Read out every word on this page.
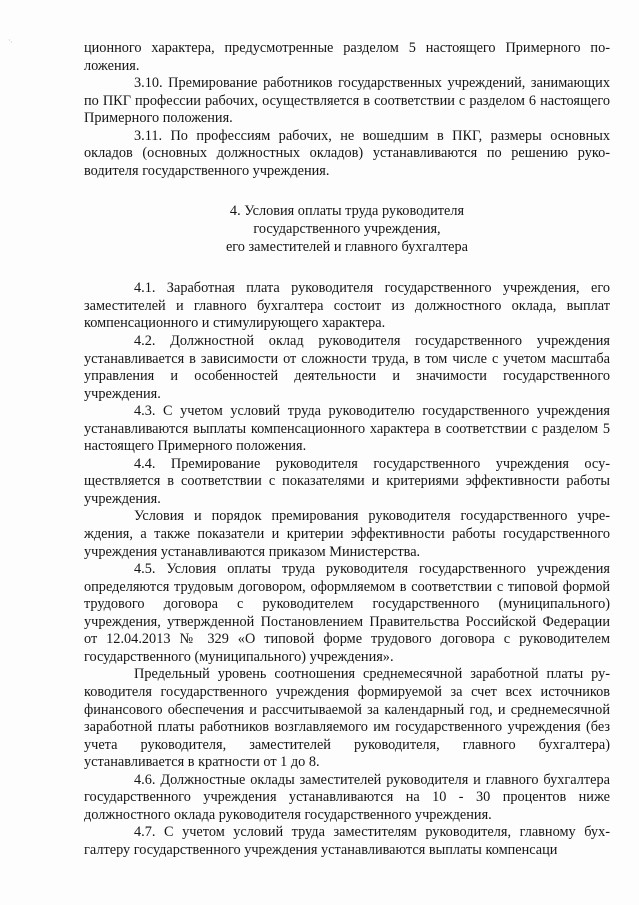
· ·	ционного характера, предусмотренные разделом 5 настоящего Примерного положения.

3.10. Премирование работников государственных учреждений, занимающих по ПКГ профессии рабочих, осуществляется в соответствии с разделом 6 настоящего Примерного положения.

3.11. По профессиям рабочих, не вошедшим в ПКГ, размеры основных окладов (основных должностных окладов) устанавливаются по решению руководителя государственного учреждения.

4. Условия оплаты труда руководителя
государственного учреждения,
его заместителей и главного бухгалтера

4.1. Заработная плата руководителя государственного учреждения, его заместителей и главного бухгалтера состоит из должностного оклада, выплат компенсационного и стимулирующего характера.

4.2. Должностной оклад руководителя государственного учреждения устанавливается в зависимости от сложности труда, в том числе с учетом масштаба управления и особенностей деятельности и значимости государственного учреждения.

4.3. С учетом условий труда руководителю государственного учреждения устанавливаются выплаты компенсационного характера в соответствии с разделом 5 настоящего Примерного положения.

4.4. Премирование руководителя государственного учреждения осуществляется в соответствии с показателями и критериями эффективности работы учреждения.

Условия и порядок премирования руководителя государственного учреждения, а также показатели и критерии эффективности работы государственного учреждения устанавливаются приказом Министерства.

4.5. Условия оплаты труда руководителя государственного учреждения определяются трудовым договором, оформляемом в соответствии с типовой формой трудового договора с руководителем государственного (муниципального) учреждения, утвержденной Постановлением Правительства Российской Федерации от 12.04.2013 № 329 «О типовой форме трудового договора с руководителем государственного (муниципального) учреждения».

Предельный уровень соотношения среднемесячной заработной платы руководителя государственного учреждения формируемой за счет всех источников финансового обеспечения и рассчитываемой за календарный год, и среднемесячной заработной платы работников возглавляемого им государственного учреждения (без учета руководителя, заместителей руководителя, главного бухгалтера) устанавливается в кратности от 1 до 8.

4.6. Должностные оклады заместителей руководителя и главного бухгалтера государственного учреждения устанавливаются на 10 - 30 процентов ниже должностного оклада руководителя государственного учреждения.

4.7. С учетом условий труда заместителям руководителя, главному бухгалтеру государственного учреждения устанавливаются выплаты компенсаци
